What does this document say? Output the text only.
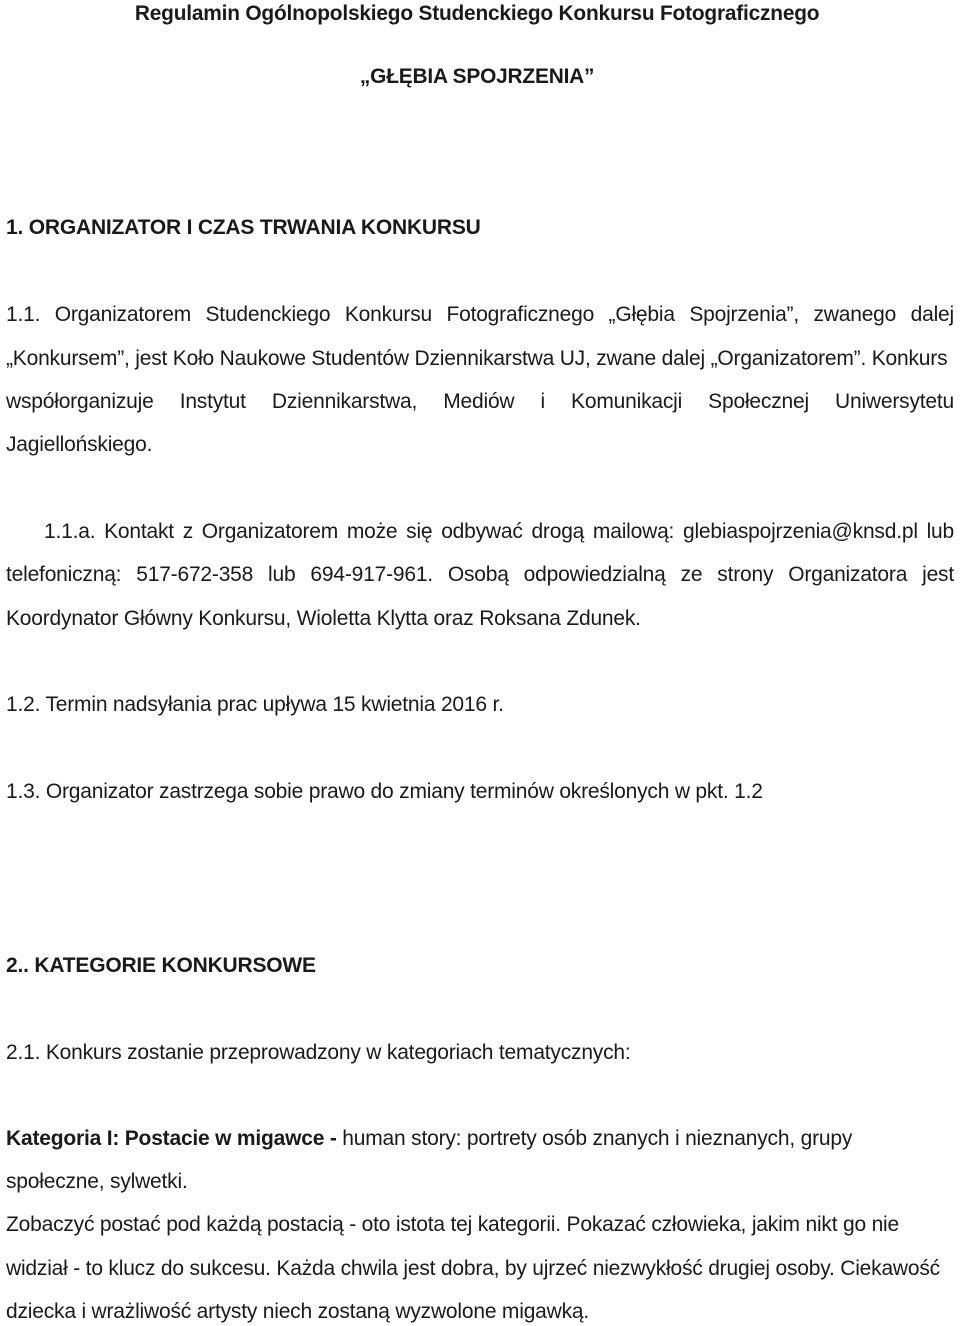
Regulamin Ogólnopolskiego Studenckiego Konkursu Fotograficznego
„GŁĘBIA SPOJRZENIA”
1. ORGANIZATOR I CZAS TRWANIA KONKURSU
1.1. Organizatorem Studenckiego Konkursu Fotograficznego „Głębia Spojrzenia”, zwanego dalej
„Konkursem”, jest Koło Naukowe Studentów Dziennikarstwa UJ, zwane dalej „Organizatorem”. Konkurs
współorganizuje Instytut Dziennikarstwa, Mediów i Komunikacji Społecznej Uniwersytetu
Jagiellońskiego.
1.1.a. Kontakt z Organizatorem może się odbywać drogą mailową: glebiaspojrzenia@knsd.pl lub
telefoniczną: 517-672-358 lub 694-917-961. Osobą odpowiedzialną ze strony Organizatora jest
Koordynator Główny Konkursu, Wioletta Klytta oraz Roksana Zdunek.
1.2. Termin nadsyłania prac upływa 15 kwietnia 2016 r.
1.3. Organizator zastrzega sobie prawo do zmiany terminów określonych w pkt. 1.2
2.. KATEGORIE KONKURSOWE
2.1. Konkurs zostanie przeprowadzony w kategoriach tematycznych:
Kategoria I: Postacie w migawce - human story: portrety osób znanych i nieznanych, grupy
społeczne, sylwetki.
Zobaczyć postać pod każdą postacią - oto istota tej kategorii. Pokazać człowieka, jakim nikt go nie
widział - to klucz do sukcesu. Każda chwila jest dobra, by ujrzeć niezwykłość drugiej osoby. Ciekawość
dziecka i wrażliwość artysty niech zostaną wyzwolone migawką.
